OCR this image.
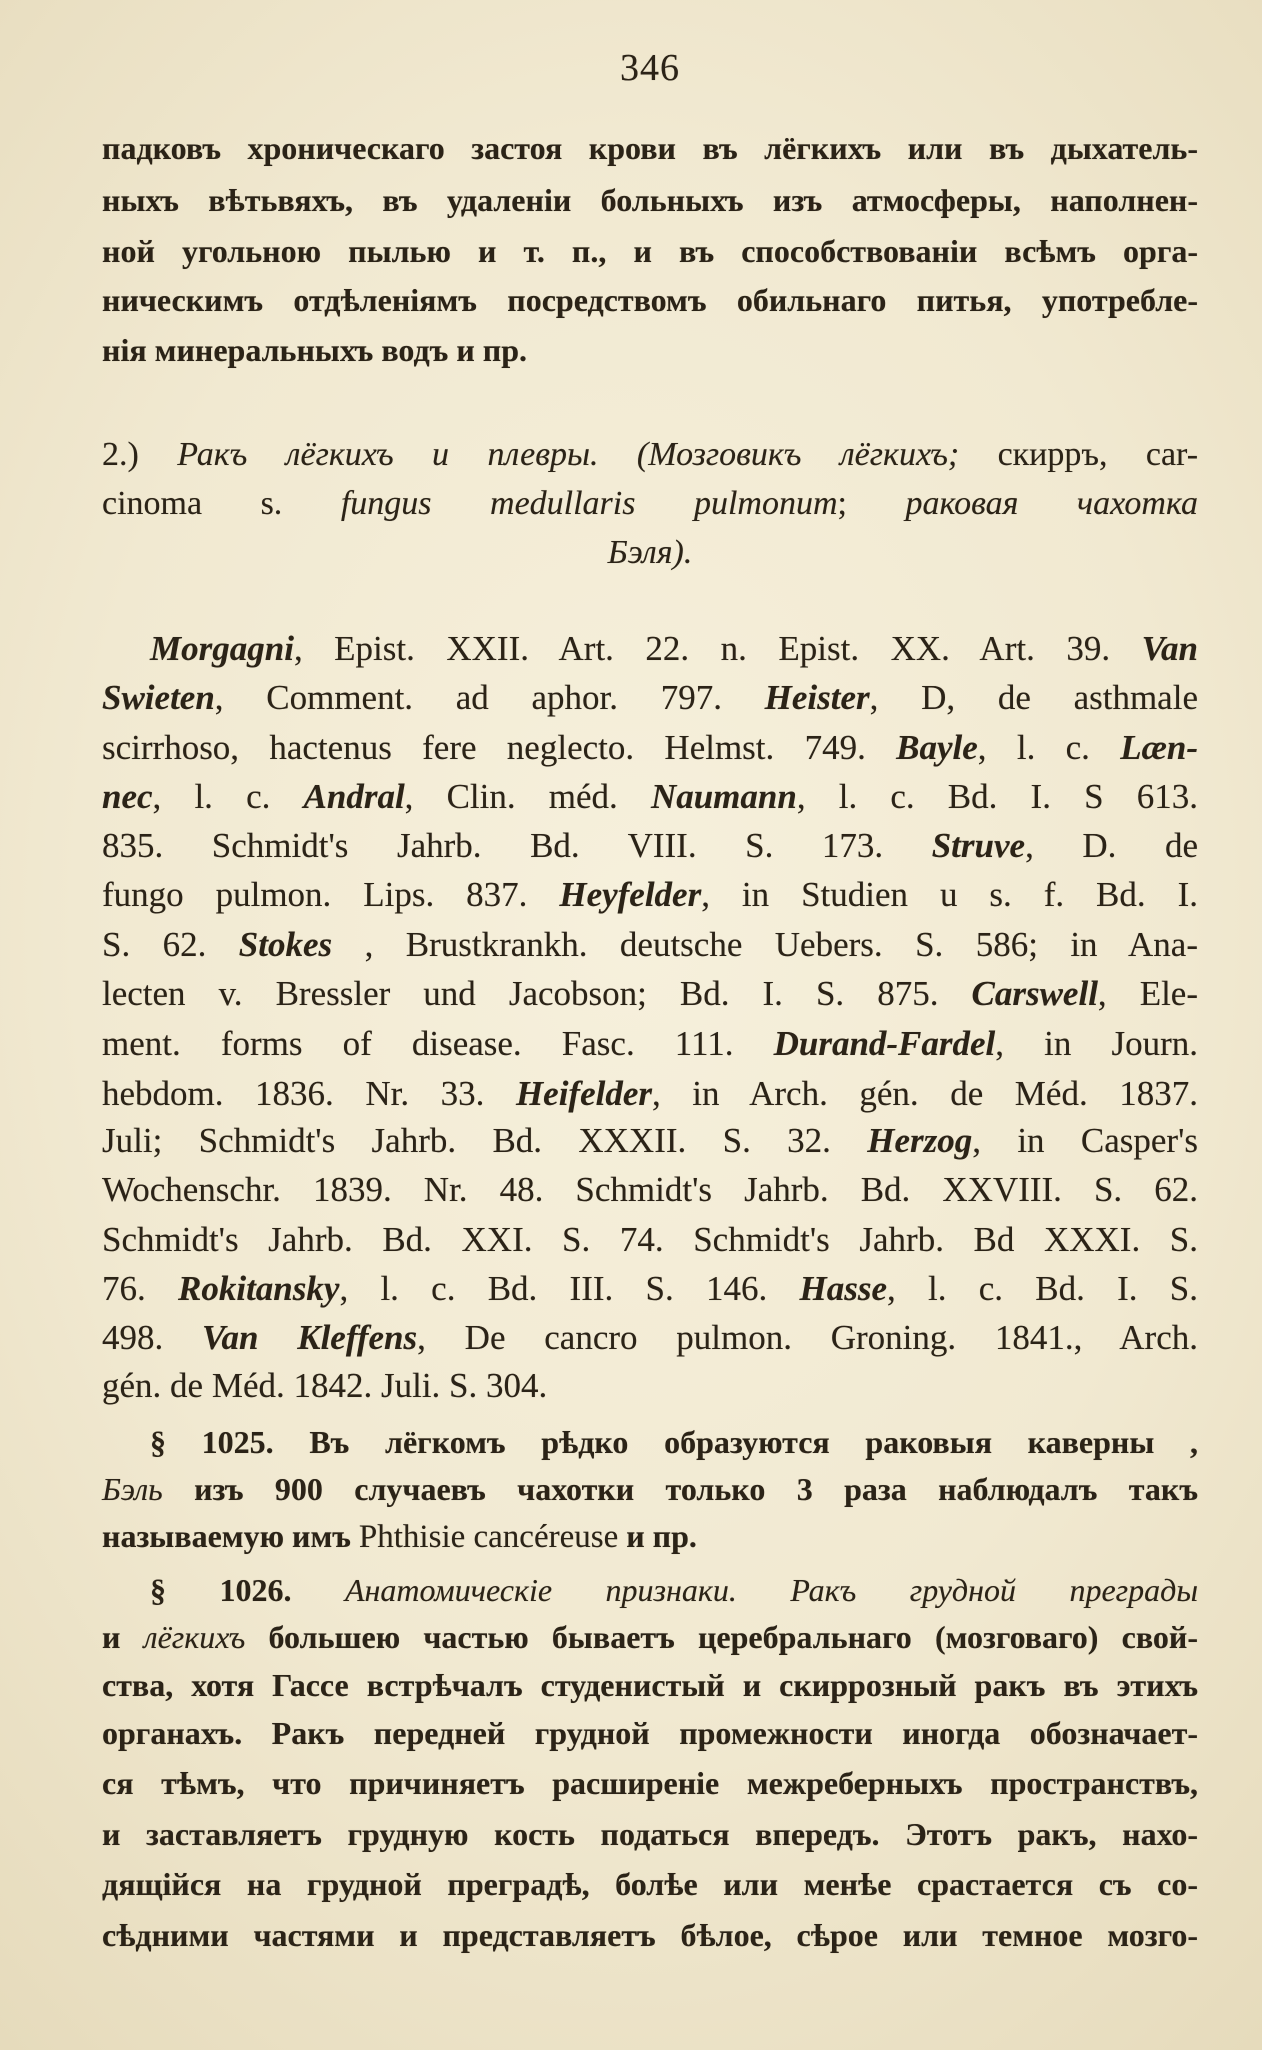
346
падковъ хроническаго застоя крови въ лёгкихъ или въ дыхатель-
ныхъ вѣтьвяхъ, въ удаленіи больныхъ изъ атмосферы, наполнен-
ной угольною пылью и т. п., и въ способствованіи всѣмъ орга-
ническимъ отдѣленіямъ посредствомъ обильнаго питья, употребле-
нія минеральныхъ водъ и пр.
2.) Ракъ лёгкихъ и плевры. (Мозговикъ лёгкихъ; скирръ, car-
cinoma s. fungus medullaris pulmonum; раковая чахотка
Бэля).
Morgagni, Epist. XXII. Art. 22. n. Epist. XX. Art. 39. Van
Swieten, Comment. ad aphor. 797. Heister, D, de asthmale
scirrhoso, hactenus fere neglecto. Helmst. 749. Bayle, l. c. Læn-
nec, l. c. Andral, Clin. méd. Naumann, l. c. Bd. I. S 613.
835. Schmidt's Jahrb. Bd. VIII. S. 173. Struve, D. de
fungo pulmon. Lips. 837. Heyfelder, in Studien u s. f. Bd. I.
S. 62. Stokes , Brustkrankh. deutsche Uebers. S. 586; in Ana-
lecten v. Bressler und Jacobson; Bd. I. S. 875. Carswell, Ele-
ment. forms of disease. Fasc. 111. Durand-Fardel, in Journ.
hebdom. 1836. Nr. 33. Heifelder, in Arch. gén. de Méd. 1837.
Juli; Schmidt's Jahrb. Bd. XXXII. S. 32. Herzog, in Casper's
Wochenschr. 1839. Nr. 48. Schmidt's Jahrb. Bd. XXVIII. S. 62.
Schmidt's Jahrb. Bd. XXI. S. 74. Schmidt's Jahrb. Bd XXXI. S.
76. Rokitansky, l. c. Bd. III. S. 146. Hasse, l. c. Bd. I. S.
498. Van Kleffens, De cancro pulmon. Groning. 1841., Arch.
gén. de Méd. 1842. Juli. S. 304.
§ 1025. Въ лёгкомъ рѣдко образуются раковыя каверны ,
Бэль изъ 900 случаевъ чахотки только 3 раза наблюдалъ такъ
называемую имъ Phthisie cancéreuse и пр.
§ 1026. Анатомическіе признаки. Ракъ грудной преграды
и лёгкихъ большею частью бываетъ церебральнаго (мозговаго) свой-
ства, хотя Гассе встрѣчалъ студенистый и скиррозный ракъ въ этихъ
органахъ. Ракъ передней грудной промежности иногда обозначает-
ся тѣмъ, что причиняетъ расширеніе межреберныхъ пространствъ,
и заставляетъ грудную кость податься впередъ. Этотъ ракъ, нахо-
дящійся на грудной преградѣ, болѣе или менѣе срастается съ со-
сѣдними частями и представляетъ бѣлое, сѣрое или темное мозго-
